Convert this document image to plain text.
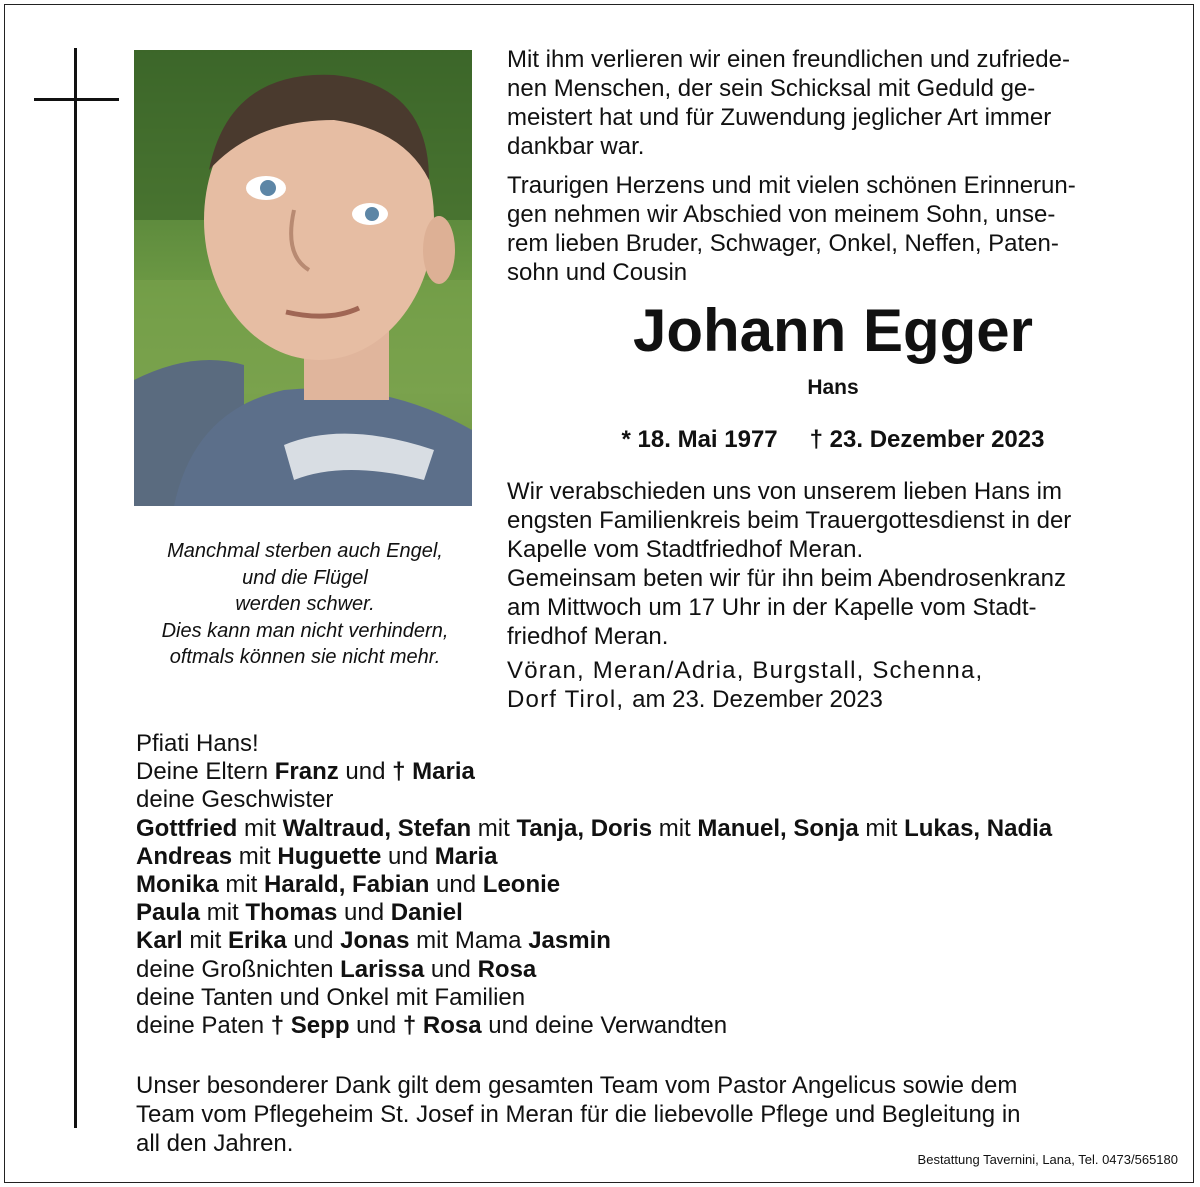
Manchmal sterben auch Engel,
und die Flügel
werden schwer.
Dies kann man nicht verhindern,
oftmals können sie nicht mehr.
Mit ihm verlieren wir einen freundlichen und zufriede-
nen Menschen, der sein Schicksal mit Geduld ge-
meistert hat und für Zuwendung jeglicher Art immer
dankbar war.
Traurigen Herzens und mit vielen schönen Erinnerun-
gen nehmen wir Abschied von meinem Sohn, unse-
rem lieben Bruder, Schwager, Onkel, Neffen, Paten-
sohn und Cousin
Johann Egger
Hans
* 18. Mai 1977 † 23. Dezember 2023
Wir verabschieden uns von unserem lieben Hans im
engsten Familienkreis beim Trauergottesdienst in der
Kapelle vom Stadtfriedhof Meran.
Gemeinsam beten wir für ihn beim Abendrosenkranz
am Mittwoch um 17 Uhr in der Kapelle vom Stadt-
friedhof Meran.
Vöran, Meran/Adria, Burgstall, Schenna,
Dorf Tirol, am 23. Dezember 2023
Pfiati Hans!
Deine Eltern Franz und † Maria
deine Geschwister
Gottfried mit Waltraud, Stefan mit Tanja, Doris mit Manuel, Sonja mit Lukas, Nadia
Andreas mit Huguette und Maria
Monika mit Harald, Fabian und Leonie
Paula mit Thomas und Daniel
Karl mit Erika und Jonas mit Mama Jasmin
deine Großnichten Larissa und Rosa
deine Tanten und Onkel mit Familien
deine Paten † Sepp und † Rosa und deine Verwandten
Unser besonderer Dank gilt dem gesamten Team vom Pastor Angelicus sowie dem
Team vom Pflegeheim St. Josef in Meran für die liebevolle Pflege und Begleitung in
all den Jahren.
Bestattung Tavernini, Lana, Tel. 0473/565180
